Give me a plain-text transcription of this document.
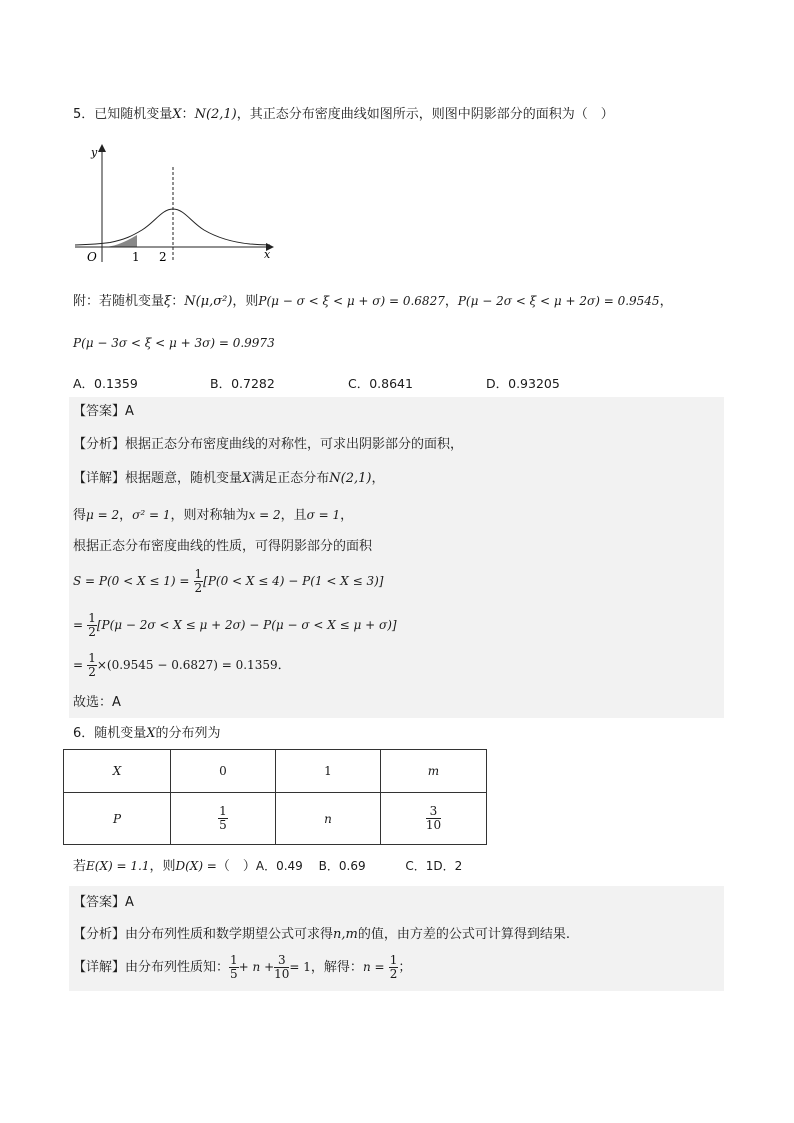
5．已知随机变量X：N(2,1)，其正态分布密度曲线如图所示，则图中阴影部分的面积为（　）
y
x
O	1 2
附：若随机变量ξ：N(μ,σ²)，则P(μ − σ < ξ < μ + σ) = 0.6827，P(μ − 2σ < ξ < μ + 2σ) = 0.9545，
P(μ − 3σ < ξ < μ + 3σ) = 0.9973
A．0.1359	B．0.7282	C．0.8641	D．0.93205
【答案】A
【分析】根据正态分布密度曲线的对称性，可求出阴影部分的面积，
【详解】根据题意，随机变量X满足正态分布N(2,1)，
得μ = 2，σ² = 1，则对称轴为x = 2，且σ = 1，
根据正态分布密度曲线的性质，可得阴影部分的面积
$S = P(0 < X \le 1) = \frac{1}{2} [P(0 < X \le 4) - P(1 < X \le 3)]$
= $\frac{1}{2} [P(\mu - 2\sigma < X \le \mu + 2\sigma) - P(\mu - \sigma < X \le \mu + \sigma)]$
= $\frac{1}{2} \times(0.9545 - 0.6827) = 0.1359$．
故选：A
6．随机变量X的分布列为
X	0	1	m
P	$\frac{1}{5}$	n	$\frac{3}{10}$
若E(X) = 1.1，则D(X) =（　）A．0.49　 B．0.69　　　 C．1D．2
【答案】A
【分析】由分布列性质和数学期望公式可求得n,m的值，由方差的公式可计算得到结果.
【详解】由分布列性质知： $\frac{1}{5} + n + \frac{3}{10} = 1$，解得：$n = \frac{1}{2}$ ；
